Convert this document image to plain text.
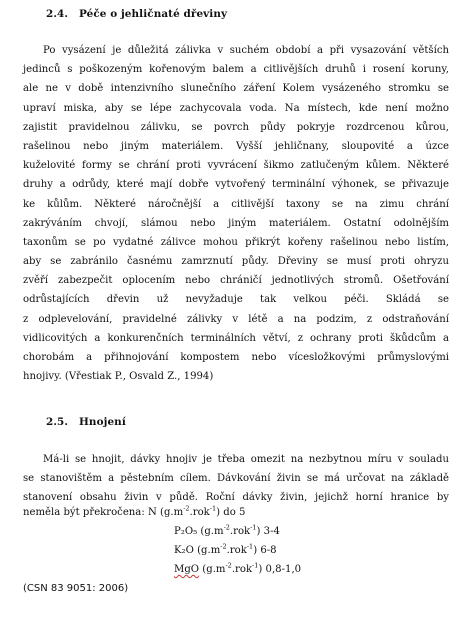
2.4. Péče o jehličnaté dřeviny
Po vysázení je důležitá zálivka v suchém období a při vysazování větších
jedinců s poškozeným kořenovým balem a citlivějších druhů i rosení koruny,
ale ne v době intenzivního slunečního záření Kolem vysázeného stromku se
upraví miska, aby se lépe zachycovala voda. Na místech, kde není možno
zajistit pravidelnou zálivku, se povrch půdy pokryje rozdrcenou kůrou,
rašelinou nebo jiným materiálem. Vyšší jehličnany, sloupovité a úzce
kuželovité formy se chrání proti vyvrácení šikmo zatlučeným kůlem. Některé
druhy a odrůdy, které mají dobře vytvořený terminální výhonek, se přivazuje
ke kůlům. Některé náročnější a citlivější taxony se na zimu chrání
zakrýváním chvojí, slámou nebo jiným materiálem. Ostatní odolnějším
taxonům se po vydatné zálivce mohou přikrýt kořeny rašelinou nebo listím,
aby se zabránilo časnému zamrznutí půdy. Dřeviny se musí proti ohryzu
zvěří zabezpečit oplocením nebo chráničí jednotlivých stromů. Ošetřování
odrůstajících dřevin už nevyžaduje tak velkou péči. Skládá se
z odplevelování, pravidelné zálivky v létě a na podzim, z odstraňování
vidlicovitých a konkurenčních terminálních větví, z ochrany proti škůdcům a
chorobám a přihnojování kompostem nebo vícesložkovými průmyslovými
hnojivy. (Vřestiak P., Osvald Z., 1994)
2.5. Hnojení
Má-li se hnojit, dávky hnojiv je třeba omezit na nezbytnou míru v souladu
se stanovištěm a pěstebním cílem. Dávkování živin se má určovat na základě
stanovení obsahu živin v půdě. Roční dávky živin, jejichž horní hranice by
neměla být překročena: N $(g.m^{-2}.rok^{-1})$ do 5
P₂O₅ $(g.m^{-2}.rok^{-1})$ 3-4
K₂O $(g.m^{-2}.rok^{-1})$ 6-8
MgO $(g.m^{-2}.rok^{-1})$ 0,8-1,0
(CSN 83 9051: 2006)
